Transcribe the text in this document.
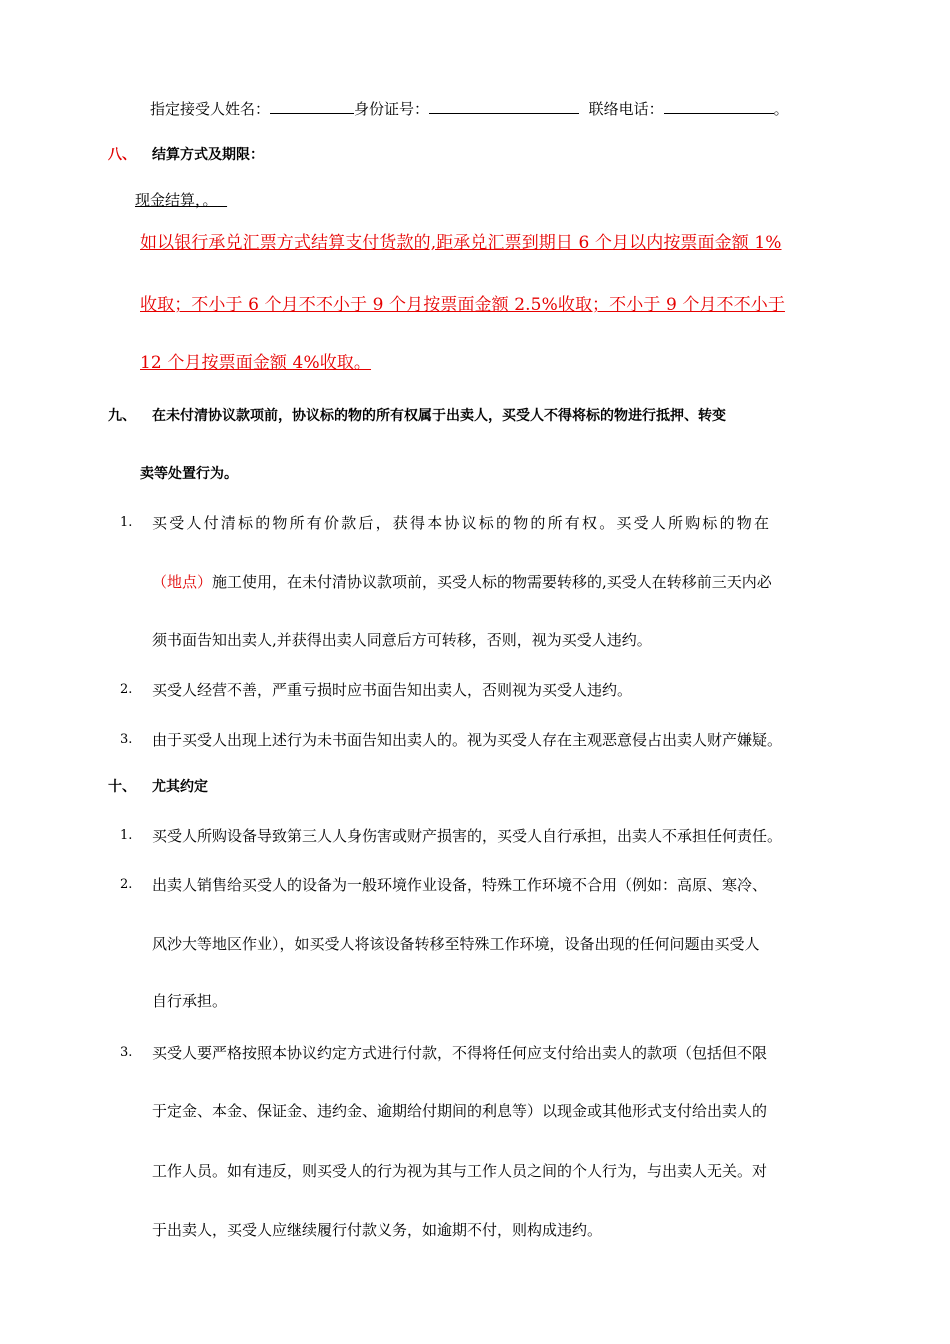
指定接受人姓名：	身份证号：	联络电话：	。
八、 结算方式及期限：
现金结算，。
如以银行承兑汇票方式结算支付货款的,距承兑汇票到期日 6 个月以内按票面金额 1%
收取；不小于 6 个月不不小于 9 个月按票面金额 2.5%收取；不小于 9 个月不不小于
12 个月按票面金额 4%收取。
九、 在未付清协议款项前，协议标的物的所有权属于出卖人，买受人不得将标的物进行抵押、转变
卖等处置行为。
1. 买受人付清标的物所有价款后，获得本协议标的物的所有权。买受人所购标的物在
（地点）施工使用，在未付清协议款项前，买受人标的物需要转移的,买受人在转移前三天内必
须书面告知出卖人,并获得出卖人同意后方可转移，否则，视为买受人违约。
2. 买受人经营不善，严重亏损时应书面告知出卖人，否则视为买受人违约。
3. 由于买受人出现上述行为未书面告知出卖人的。视为买受人存在主观恶意侵占出卖人财产嫌疑。
十、 尤其约定
1. 买受人所购设备导致第三人人身伤害或财产损害的，买受人自行承担，出卖人不承担任何责任。
2. 出卖人销售给买受人的设备为一般环境作业设备，特殊工作环境不合用（例如：高原、寒冷、
风沙大等地区作业），如买受人将该设备转移至特殊工作环境，设备出现的任何问题由买受人
自行承担。
3. 买受人要严格按照本协议约定方式进行付款，不得将任何应支付给出卖人的款项（包括但不限
于定金、本金、保证金、违约金、逾期给付期间的利息等）以现金或其他形式支付给出卖人的
工作人员。如有违反，则买受人的行为视为其与工作人员之间的个人行为，与出卖人无关。对
于出卖人，买受人应继续履行付款义务，如逾期不付，则构成违约。
